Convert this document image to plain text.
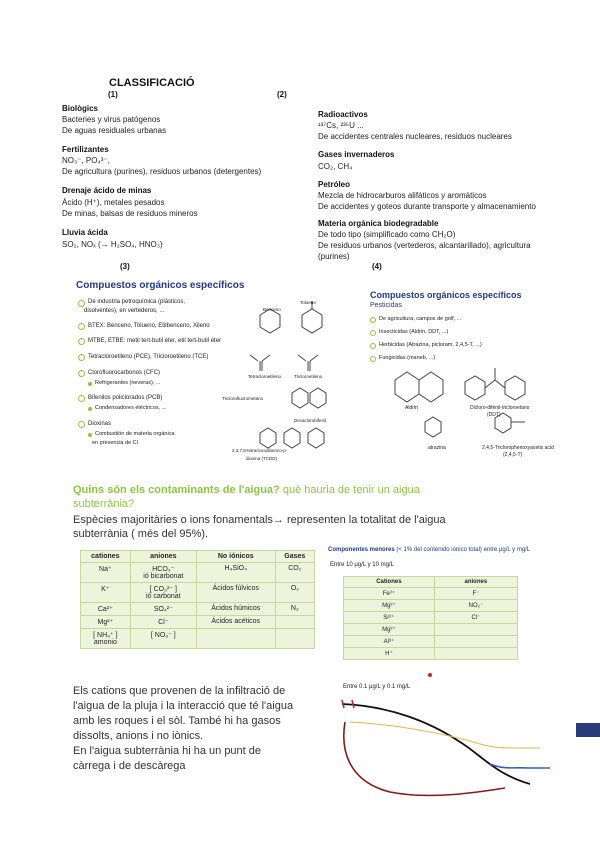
CLASSIFICACIÓ
(1)	(2)
Biològics
Bacteries y virus patógenos
De aguas residuales urbanas
Fertilizantes
NO₃⁻, PO₄³⁻,
De agricultura (purines), residuos urbanos (detergentes)
Drenaje ácido de minas
Ácido (H⁺), metales pesados
De minas, balsas de residuos mineros
Lluvia ácida
SO₂, NOₓ (→ H₂SO₄, HNO₃)
Radioactivos
¹³⁷Cs, ²³⁵U ...
De accidentes centrales nucleares, residuos nucleares
Gases invernaderos
CO₂, CH₄
Petróleo
Mezcla de hidrocarburos alifáticos y aromáticos
De accidentes y goteos durante transporte y almacenamiento
Materia orgánica biodegradable
De todo tipo (simplificado como CH₂O)
De residuos urbanos (vertederos, alcantarillado), agricultura
(purines)
(3)	(4)
Compuestos orgánicos específicos
De industria petroquímica (plásticos,
disolventes), en vertederos, ...
BTEX: Benceno, Tolueno, Etilbenceno, Xileno
MTBE, ETBE: metil tert-butil éter, etil tert-butil éter
Tetracloroetileno (PCE), Tricloroetileno (TCE)
Clorofluorocarbonos (CFC)
Refrigerantes (neveras), ...
Bifenilos policlorados (PCB)
Condensadores eléctricos, ...
Dioxinas
Combustión de materia orgánica
en presencia de Cl
Benceno
Tolueno
Tetracloroetileno	Tricloroetileno
Triclorofluorometano
Decaclorobifenil
2,3,7,8-tetraclorodibenzo-p-
dioxina (TCDD)
Compuestos orgánicos específicos
Pesticidas
De agricultura, campos de golf, ...
Insecticidas (Aldrin, DDT, ...)
Herbicidas (Atrazina, picloram, 2,4,5-T, ...)
Fungicidas (maneb, ...)
Aldrin	Dicloro-difenil-tricloroetano
(DDT)
atrazina	2,4,5-Triclorophenoxyacetic acid
(2,4,5-T)
Quins són els contaminants de l'aigua? què hauria de tenir un aigua
subterrània?
Espècies majoritàries o ions fonamentals→ representen la totalitat de l'aigua
subterrània ( més del 95%).
cationes	aniones	No iónicos	Gases
Na⁺	HCO₃⁻
ió bicarbonat	H₄SiO₄	CO₂
K⁺	[ CO₃²⁻ ]
ió carbonat	Ácidos fúlvicos	O₂
Ca²⁺	SO₄²⁻	Ácidos húmicos	N₂
Mg²⁺	Cl⁻	Ácidos acéticos	
[ NH₄⁺ ]
amonio	[ NO₃⁻ ]		
Componentes menores (< 1% del contenido iónico total) entre μg/L y mg/L
Entre 10 μg/L y 10 mg/L
Cationes	aniones
Fe²⁺	F⁻
Mg²⁺	NO₂⁻
Sr²⁺	Cl⁻
Mg²⁺	
Al³⁺	
H⁺	
Entre 0.1 μg/L y 0.1 mg/L
Els cations que provenen de la infiltració de
l'aigua de la pluja i la interacció que té l'aigua
amb les roques i el sòl. També hi ha gasos
dissolts, anions i no iònics.
En l'aigua subterrània hi ha un punt de
càrrega i de descàrega
